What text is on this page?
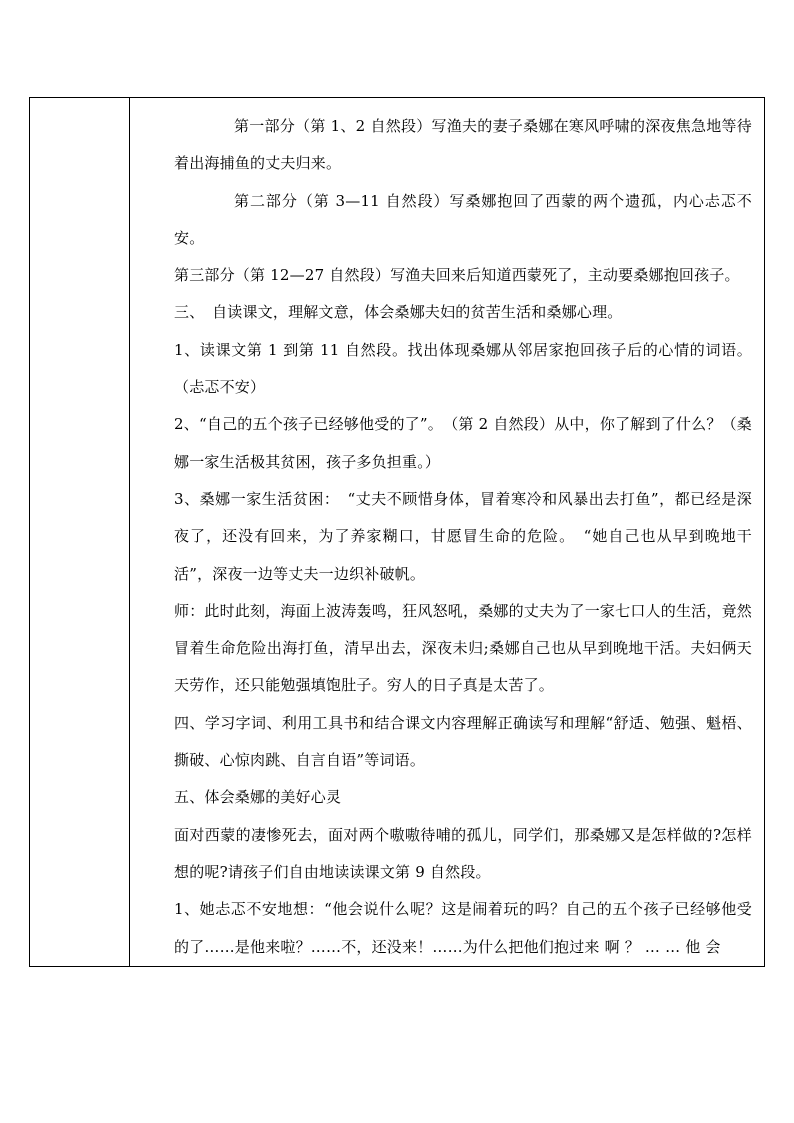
第一部分（第 1、2 自然段）写渔夫的妻子桑娜在寒风呼啸的深夜焦急地等待着出海捕鱼的丈夫归来。

第二部分（第 3—11 自然段）写桑娜抱回了西蒙的两个遗孤，内心忐忑不安。

第三部分（第 12—27 自然段）写渔夫回来后知道西蒙死了，主动要桑娜抱回孩子。

三、　自读课文，理解文意，体会桑娜夫妇的贫苦生活和桑娜心理。

1、读课文第 1 到第 11 自然段。找出体现桑娜从邻居家抱回孩子后的心情的词语。（忐忑不安）

2、“自己的五个孩子已经够他受的了”。　（第 2 自然段）从中，你了解到了什么？（桑娜一家生活极其贫困，孩子多负担重。）

3、桑娜一家生活贫困：　“丈夫不顾惜身体，冒着寒冷和风暴出去打鱼”，都已经是深夜了，还没有回来，为了养家糊口，甘愿冒生命的危险。　“她自己也从早到晚地干活”，深夜一边等丈夫一边织补破帆。

师：此时此刻，海面上波涛轰鸣，狂风怒吼，桑娜的丈夫为了一家七口人的生活，竟然冒着生命危险出海打鱼，清早出去，深夜未归;桑娜自己也从早到晚地干活。夫妇俩天天劳作，还只能勉强填饱肚子。穷人的日子真是太苦了。

四、学习字词、利用工具书和结合课文内容理解正确读写和理解“舒适、勉强、魁梧、撕破、心惊肉跳、自言自语”等词语。

五、体会桑娜的美好心灵

面对西蒙的凄惨死去，面对两个嗷嗷待哺的孤儿，同学们，那桑娜又是怎样做的?怎样想的呢?请孩子们自由地读读课文第 9 自然段。

1、她忐忑不安地想：“他会说什么呢？这是闹着玩的吗？自己的五个孩子已经够他受的了……是他来啦？……不，还没来！……为什么把他们抱过来 啊 ？ … … 他 会
